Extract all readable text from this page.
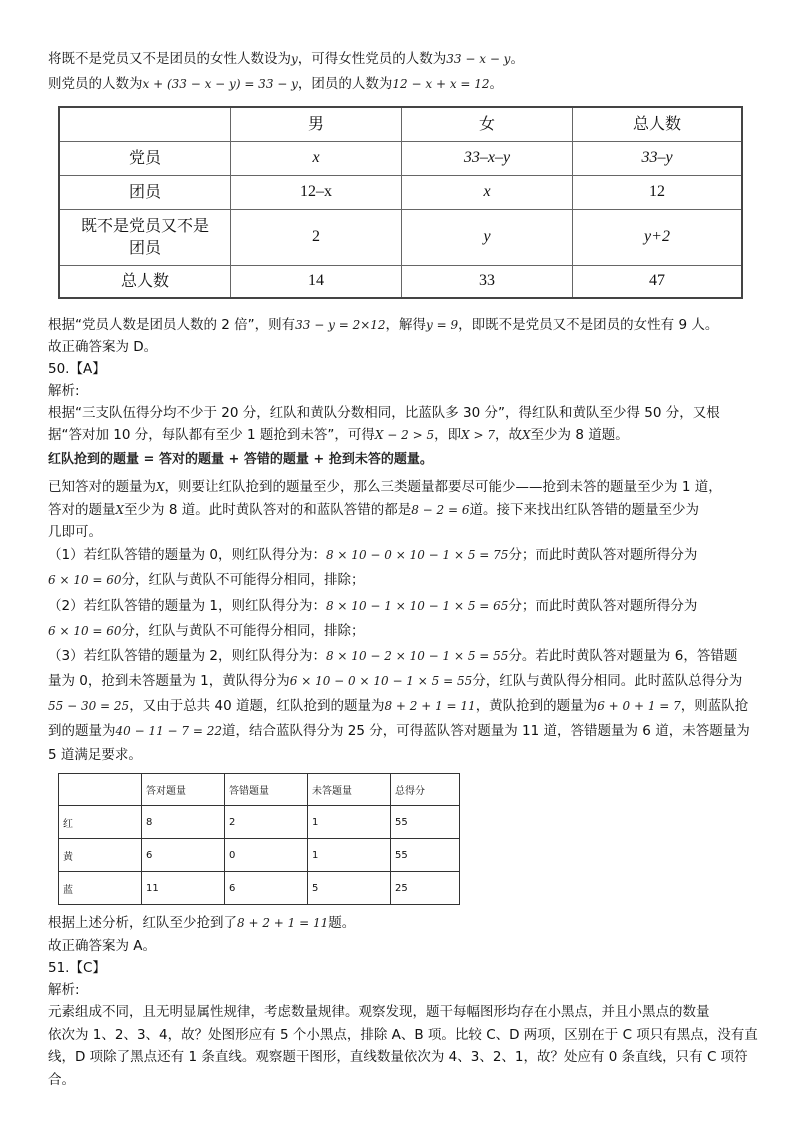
将既不是党员又不是团员的女性人数设为y，可得女性党员的人数为33 − x − y。
则党员的人数为x + (33 − x − y) = 33 − y，团员的人数为12 − x + x = 12。
	男	女	总人数
党员	x	33–x–y	33–y
团员	12–x	x	12
既不是党员又不是
团员	2	y	y+2
总人数	14	33	47
根据“党员人数是团员人数的 2 倍”，则有33 − y = 2×12，解得y = 9，即既不是党员又不是团员的女性有 9 人。
故正确答案为 D。
50.【A】
解析:
根据“三支队伍得分均不少于 20 分，红队和黄队分数相同，比蓝队多 30 分”，得红队和黄队至少得 50 分，又根
据“答对加 10 分，每队都有至少 1 题抢到未答”，可得X − 2 > 5，即X > 7，故X至少为 8 道题。
红队抢到的题量 = 答对的题量 + 答错的题量 + 抢到未答的题量。
已知答对的题量为X，则要让红队抢到的题量至少，那么三类题量都要尽可能少——抢到未答的题量至少为 1 道，
答对的题量X至少为 8 道。此时黄队答对的和蓝队答错的都是8 − 2 = 6道。接下来找出红队答错的题量至少为
几即可。
（1）若红队答错的题量为 0，则红队得分为：8 × 10 − 0 × 10 − 1 × 5 = 75分；而此时黄队答对题所得分为
6 × 10 = 60分，红队与黄队不可能得分相同，排除；
（2）若红队答错的题量为 1，则红队得分为：8 × 10 − 1 × 10 − 1 × 5 = 65分；而此时黄队答对题所得分为
6 × 10 = 60分，红队与黄队不可能得分相同，排除；
（3）若红队答错的题量为 2，则红队得分为：8 × 10 − 2 × 10 − 1 × 5 = 55分。若此时黄队答对题量为 6，答错题
量为 0，抢到未答题量为 1，黄队得分为6 × 10 − 0 × 10 − 1 × 5 = 55分，红队与黄队得分相同。此时蓝队总得分为
55 − 30 = 25，又由于总共 40 道题，红队抢到的题量为8 + 2 + 1 = 11，黄队抢到的题量为6 + 0 + 1 = 7，则蓝队抢
到的题量为40 − 11 − 7 = 22道，结合蓝队得分为 25 分，可得蓝队答对题量为 11 道，答错题量为 6 道，未答题量为
5 道满足要求。
	答对题量	答错题量	未答题量	总得分
红	8	2	1	55
黄	6	0	1	55
蓝	11	6	5	25
根据上述分析，红队至少抢到了8 + 2 + 1 = 11题。
故正确答案为 A。
51.【C】
解析:
元素组成不同，且无明显属性规律，考虑数量规律。观察发现，题干每幅图形均存在小黑点，并且小黑点的数量
依次为 1、2、3、4，故？处图形应有 5 个小黑点，排除 A、B 项。比较 C、D 两项，区别在于 C 项只有黑点，没有直
线，D 项除了黑点还有 1 条直线。观察题干图形，直线数量依次为 4、3、2、1，故？处应有 0 条直线，只有 C 项符
合。
